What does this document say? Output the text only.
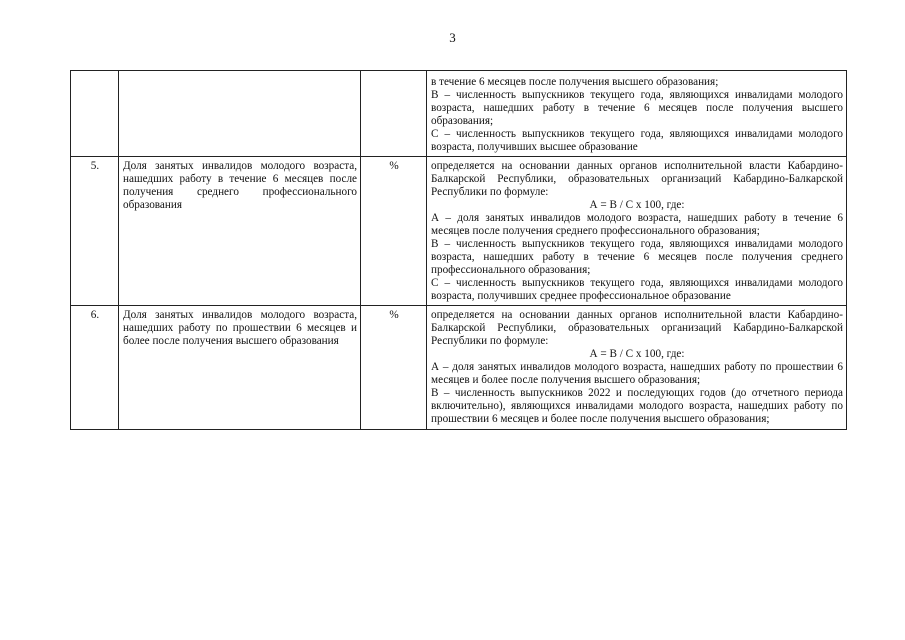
3

			в течение 6 месяцев после получения высшего образования;
В – численность выпускников текущего года, являющихся инвалидами молодого возраста, нашедших работу в течение 6 месяцев после получения высшего образования;
С – численность выпускников текущего года, являющихся инвалидами молодого возраста, получивших высшее образование

5.	Доля занятых инвалидов молодого возраста, нашедших работу в течение 6 месяцев после получения среднего профессионального образования	%	определяется на основании данных органов исполнительной власти Кабардино-Балкарской Республики, образовательных организаций Кабардино-Балкарской Республики по формуле:
А = В / С х 100, где:
А – доля занятых инвалидов молодого возраста, нашедших работу в течение 6 месяцев после получения среднего профессионального образования;
В – численность выпускников текущего года, являющихся инвалидами молодого возраста, нашедших работу в течение 6 месяцев после получения среднего профессионального образования;
С – численность выпускников текущего года, являющихся инвалидами молодого возраста, получивших среднее профессиональное образование

6.	Доля занятых инвалидов молодого возраста, нашедших работу по прошествии 6 месяцев и более после получения высшего образования	%	определяется на основании данных органов исполнительной власти Кабардино-Балкарской Республики, образовательных организаций Кабардино-Балкарской Республики по формуле:
А = В / С х 100, где:
А – доля занятых инвалидов молодого возраста, нашедших работу по прошествии 6 месяцев и более после получения высшего образования;
В – численность выпускников 2022 и последующих годов (до отчетного периода включительно), являющихся инвалидами молодого возраста, нашедших работу по прошествии 6 месяцев и более после получения высшего образования;
